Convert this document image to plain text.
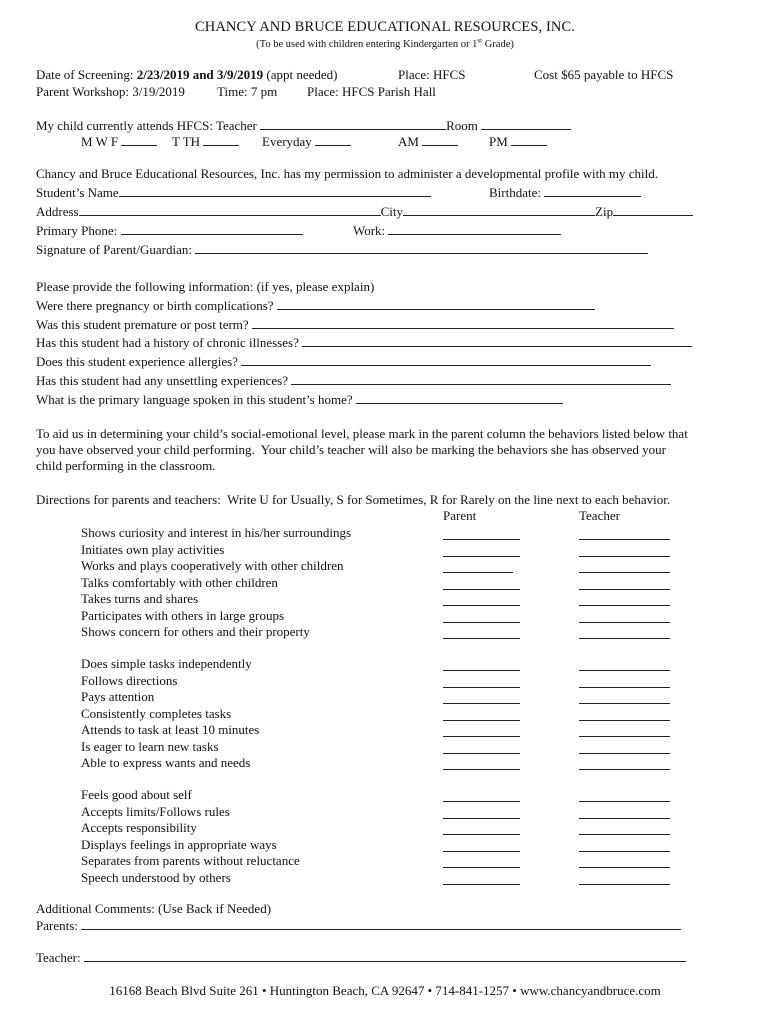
CHANCY AND BRUCE EDUCATIONAL RESOURCES, INC.
(To be used with children entering Kindergarten or 1st Grade)
Date of Screening: 2/23/2019 and 3/9/2019 (appt needed)	Place: HFCS	Cost $65 payable to HFCS
Parent Workshop: 3/19/2019 Time: 7 pm Place: HFCS Parish Hall
My child currently attends HFCS: Teacher	Room
M W F	T TH	Everyday	AM	PM
Chancy and Bruce Educational Resources, Inc. has my permission to administer a developmental profile with my child.
Student’s Name	Birthdate:
Address	City	Zip
Primary Phone:	Work:
Signature of Parent/Guardian:
Please provide the following information: (if yes, please explain)
Were there pregnancy or birth complications?
Was this student premature or post term?
Has this student had a history of chronic illnesses?
Does this student experience allergies?
Has this student had any unsettling experiences?
What is the primary language spoken in this student’s home?
To aid us in determining your child’s social-emotional level, please mark in the parent column the behaviors listed below that
you have observed your child performing.  Your child’s teacher will also be marking the behaviors she has observed your
child performing in the classroom.
Directions for parents and teachers:  Write U for Usually, S for Sometimes, R for Rarely on the line next to each behavior.
Parent	Teacher
Shows curiosity and interest in his/her surroundings
Initiates own play activities
Works and plays cooperatively with other children
Talks comfortably with other children
Takes turns and shares
Participates with others in large groups
Shows concern for others and their property
Does simple tasks independently
Follows directions
Pays attention
Consistently completes tasks
Attends to task at least 10 minutes
Is eager to learn new tasks
Able to express wants and needs
Feels good about self
Accepts limits/Follows rules
Accepts responsibility
Displays feelings in appropriate ways
Separates from parents without reluctance
Speech understood by others
Additional Comments: (Use Back if Needed)
Parents:
Teacher:
16168 Beach Blvd Suite 261 • Huntington Beach, CA 92647 • 714-841-1257 • www.chancyandbruce.com
